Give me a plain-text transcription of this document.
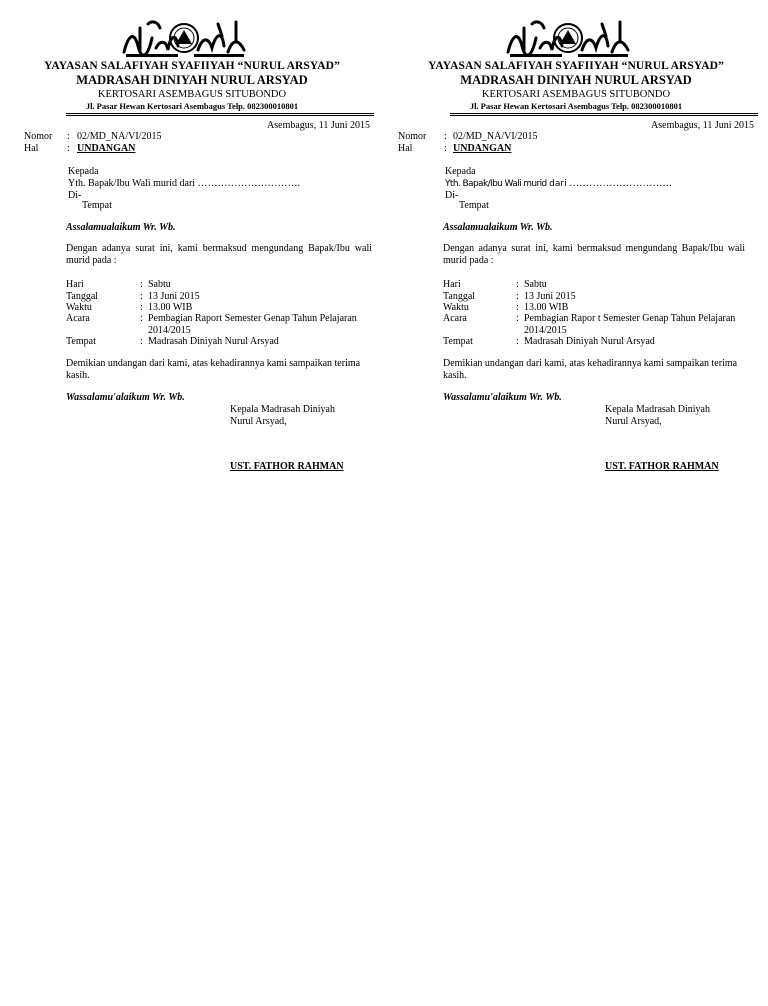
YAYASAN SALAFIYAH SYAFIIYAH “NURUL ARSYAD”
MADRASAH DINIYAH NURUL ARSYAD
KERTOSARI ASEMBAGUS SITUBONDO
Jl. Pasar Hewan Kertosari Asembagus Telp. 082300010801
Asembagus, 11 Juni 2015
Nomor : 02/MD_NA/VI/2015
Hal	: UNDANGAN
Kepada
Yth. Bapak/Ibu Wali murid dari ………………………….
Di-
Tempat
Assalamualaikum Wr. Wb.
Dengan adanya surat ini, kami bermaksud mengundang Bapak/Ibu wali murid pada :
Hari	: Sabtu
Tanggal	: 13 Juni 2015
Waktu	: 13.00 WIB
Acara	: Pembagian Raport Semester Genap Tahun Pelajaran 2014/2015
Tempat	: Madrasah Diniyah Nurul Arsyad
Demikian undangan dari kami, atas kehadirannya kami sampaikan terima kasih.
Wassalamu'alaikum Wr. Wb.
Kepala Madrasah Diniyah
Nurul Arsyad,
UST. FATHOR RAHMAN
YAYASAN SALAFIYAH SYAFIIYAH “NURUL ARSYAD”
MADRASAH DINIYAH NURUL ARSYAD
KERTOSARI ASEMBAGUS SITUBONDO
Jl. Pasar Hewan Kertosari Asembagus Telp. 082300010801
Asembagus, 11 Juni 2015
Nomor : 02/MD_NA/VI/2015
Hal	: UNDANGAN
Kepada
Yth. Bapak/Ibu Wali murid dari ………………………….
Di-
Tempat
Assalamualaikum Wr. Wb.
Dengan adanya surat ini, kami bermaksud mengundang Bapak/Ibu wali murid pada :
Hari	: Sabtu
Tanggal	: 13 Juni 2015
Waktu	: 13.00 WIB
Acara	: Pembagian Rapor t Semester Genap Tahun Pelajaran 2014/2015
Tempat	: Madrasah Diniyah Nurul Arsyad
Demikian undangan dari kami, atas kehadirannya kami sampaikan terima kasih.
Wassalamu'alaikum Wr. Wb.
Kepala Madrasah Diniyah
Nurul Arsyad,
UST. FATHOR RAHMAN
